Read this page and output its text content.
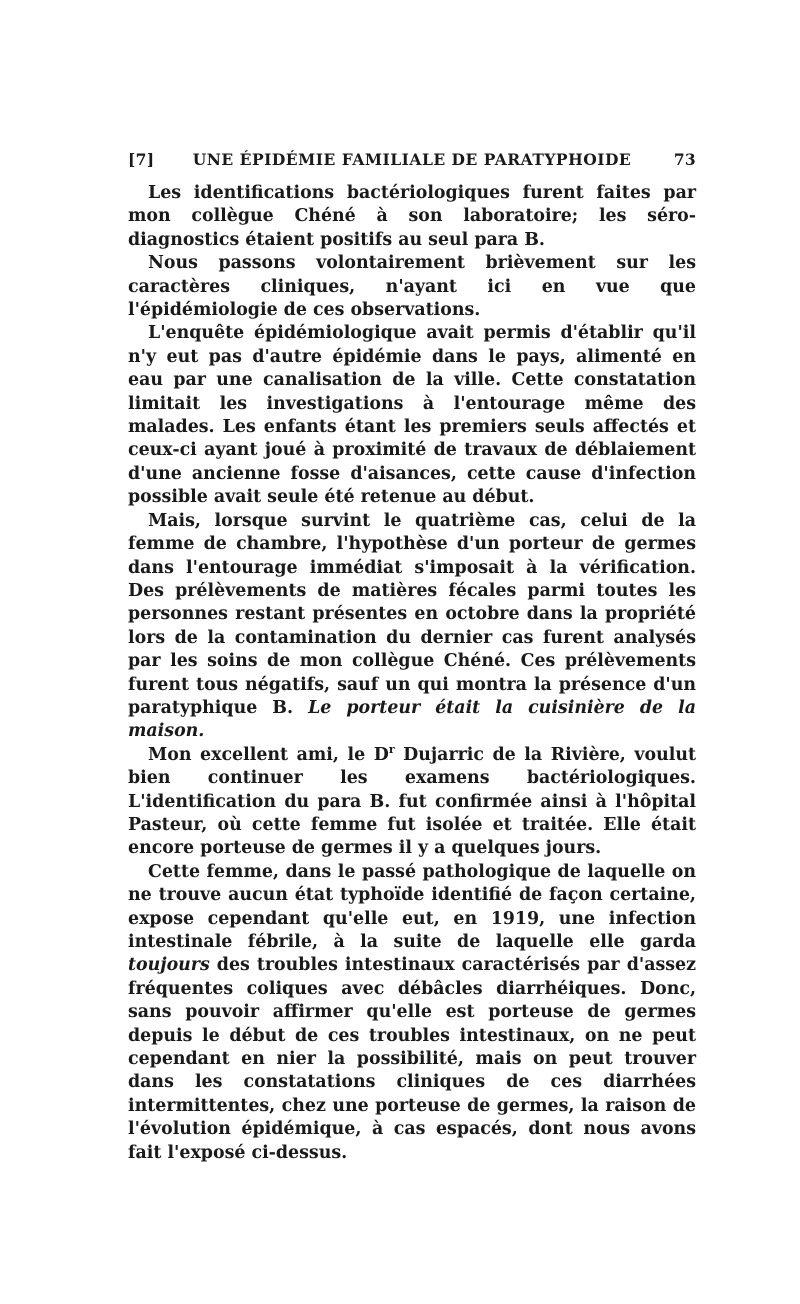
[7]	UNE ÉPIDÉMIE FAMILIALE DE PARATYPHOIDE	73

Les identifications bactériologiques furent faites par mon collègue Chéné à son laboratoire; les séro-diagnostics étaient positifs au seul para B.

Nous passons volontairement brièvement sur les caractères cliniques, n'ayant ici en vue que l'épidémiologie de ces observations.

L'enquête épidémiologique avait permis d'établir qu'il n'y eut pas d'autre épidémie dans le pays, alimenté en eau par une canalisation de la ville. Cette constatation limitait les investigations à l'entourage même des malades. Les enfants étant les premiers seuls affectés et ceux-ci ayant joué à proximité de travaux de déblaiement d'une ancienne fosse d'aisances, cette cause d'infection possible avait seule été retenue au début.

Mais, lorsque survint le quatrième cas, celui de la femme de chambre, l'hypothèse d'un porteur de germes dans l'entourage immédiat s'imposait à la vérification. Des prélèvements de matières fécales parmi toutes les personnes restant présentes en octobre dans la propriété lors de la contamination du dernier cas furent analysés par les soins de mon collègue Chéné. Ces prélèvements furent tous négatifs, sauf un qui montra la présence d'un paratyphique B. Le porteur était la cuisinière de la maison.

Mon excellent ami, le $D^r$ Dujarric de la Rivière, voulut bien continuer les examens bactériologiques. L'identification du para B. fut confirmée ainsi à l'hôpital Pasteur, où cette femme fut isolée et traitée. Elle était encore porteuse de germes il y a quelques jours.

Cette femme, dans le passé pathologique de laquelle on ne trouve aucun état typhoïde identifié de façon certaine, expose cependant qu'elle eut, en 1919, une infection intestinale fébrile, à la suite de laquelle elle garda toujours des troubles intestinaux caractérisés par d'assez fréquentes coliques avec débâcles diarrhéiques. Donc, sans pouvoir affirmer qu'elle est porteuse de germes depuis le début de ces troubles intestinaux, on ne peut cependant en nier la possibilité, mais on peut trouver dans les constatations cliniques de ces diarrhées intermittentes, chez une porteuse de germes, la raison de l'évolution épidémique, à cas espacés, dont nous avons fait l'exposé ci-dessus.
